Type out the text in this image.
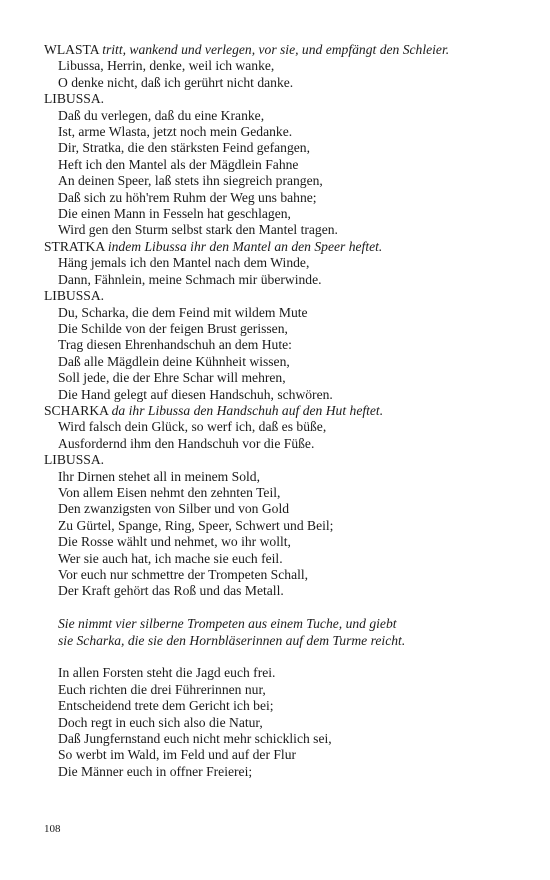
WLASTA tritt, wankend und verlegen, vor sie, und empfängt den Schleier.
Libussa, Herrin, denke, weil ich wanke,
O denke nicht, daß ich gerührt nicht danke.
LIBUSSA.
Daß du verlegen, daß du eine Kranke,
Ist, arme Wlasta, jetzt noch mein Gedanke.
Dir, Stratka, die den stärksten Feind gefangen,
Heft ich den Mantel als der Mägdlein Fahne
An deinen Speer, laß stets ihn siegreich prangen,
Daß sich zu höh'rem Ruhm der Weg uns bahne;
Die einen Mann in Fesseln hat geschlagen,
Wird gen den Sturm selbst stark den Mantel tragen.
STRATKA indem Libussa ihr den Mantel an den Speer heftet.
Häng jemals ich den Mantel nach dem Winde,
Dann, Fähnlein, meine Schmach mir überwinde.
LIBUSSA.
Du, Scharka, die dem Feind mit wildem Mute
Die Schilde von der feigen Brust gerissen,
Trag diesen Ehrenhandschuh an dem Hute:
Daß alle Mägdlein deine Kühnheit wissen,
Soll jede, die der Ehre Schar will mehren,
Die Hand gelegt auf diesen Handschuh, schwören.
SCHARKA da ihr Libussa den Handschuh auf den Hut heftet.
Wird falsch dein Glück, so werf ich, daß es büße,
Ausfordernd ihm den Handschuh vor die Füße.
LIBUSSA.
Ihr Dirnen stehet all in meinem Sold,
Von allem Eisen nehmt den zehnten Teil,
Den zwanzigsten von Silber und von Gold
Zu Gürtel, Spange, Ring, Speer, Schwert und Beil;
Die Rosse wählt und nehmet, wo ihr wollt,
Wer sie auch hat, ich mache sie euch feil.
Vor euch nur schmettre der Trompeten Schall,
Der Kraft gehört das Roß und das Metall.
Sie nimmt vier silberne Trompeten aus einem Tuche, und giebt
sie Scharka, die sie den Hornbläserinnen auf dem Turme reicht.
In allen Forsten steht die Jagd euch frei.
Euch richten die drei Führerinnen nur,
Entscheidend trete dem Gericht ich bei;
Doch regt in euch sich also die Natur,
Daß Jungfernstand euch nicht mehr schicklich sei,
So werbt im Wald, im Feld und auf der Flur
Die Männer euch in offner Freierei;
108
